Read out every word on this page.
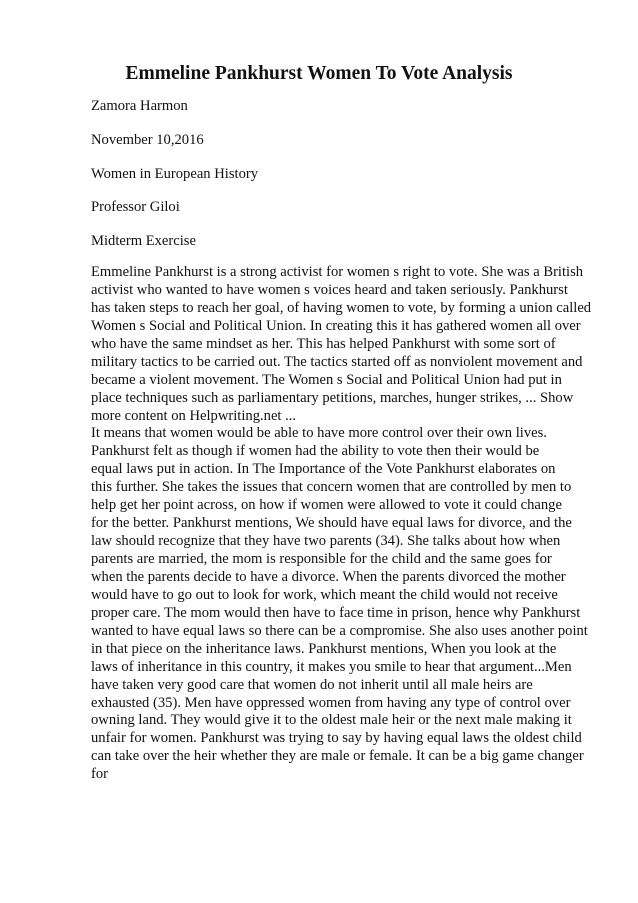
Emmeline Pankhurst Women To Vote Analysis

Zamora Harmon

November 10,2016

Women in European History

Professor Giloi

Midterm Exercise

Emmeline Pankhurst is a strong activist for women s right to vote. She was a British
activist who wanted to have women s voices heard and taken seriously. Pankhurst
has taken steps to reach her goal, of having women to vote, by forming a union called
Women s Social and Political Union. In creating this it has gathered women all over
who have the same mindset as her. This has helped Pankhurst with some sort of
military tactics to be carried out. The tactics started off as nonviolent movement and
became a violent movement. The Women s Social and Political Union had put in
place techniques such as parliamentary petitions, marches, hunger strikes, ... Show
more content on Helpwriting.net ...
It means that women would be able to have more control over their own lives.
Pankhurst felt as though if women had the ability to vote then their would be
equal laws put in action. In The Importance of the Vote Pankhurst elaborates on
this further. She takes the issues that concern women that are controlled by men to
help get her point across, on how if women were allowed to vote it could change
for the better. Pankhurst mentions, We should have equal laws for divorce, and the
law should recognize that they have two parents (34). She talks about how when
parents are married, the mom is responsible for the child and the same goes for
when the parents decide to have a divorce. When the parents divorced the mother
would have to go out to look for work, which meant the child would not receive
proper care. The mom would then have to face time in prison, hence why Pankhurst
wanted to have equal laws so there can be a compromise. She also uses another point
in that piece on the inheritance laws. Pankhurst mentions, When you look at the
laws of inheritance in this country, it makes you smile to hear that argument...Men
have taken very good care that women do not inherit until all male heirs are
exhausted (35). Men have oppressed women from having any type of control over
owning land. They would give it to the oldest male heir or the next male making it
unfair for women. Pankhurst was trying to say by having equal laws the oldest child
can take over the heir whether they are male or female. It can be a big game changer
for
